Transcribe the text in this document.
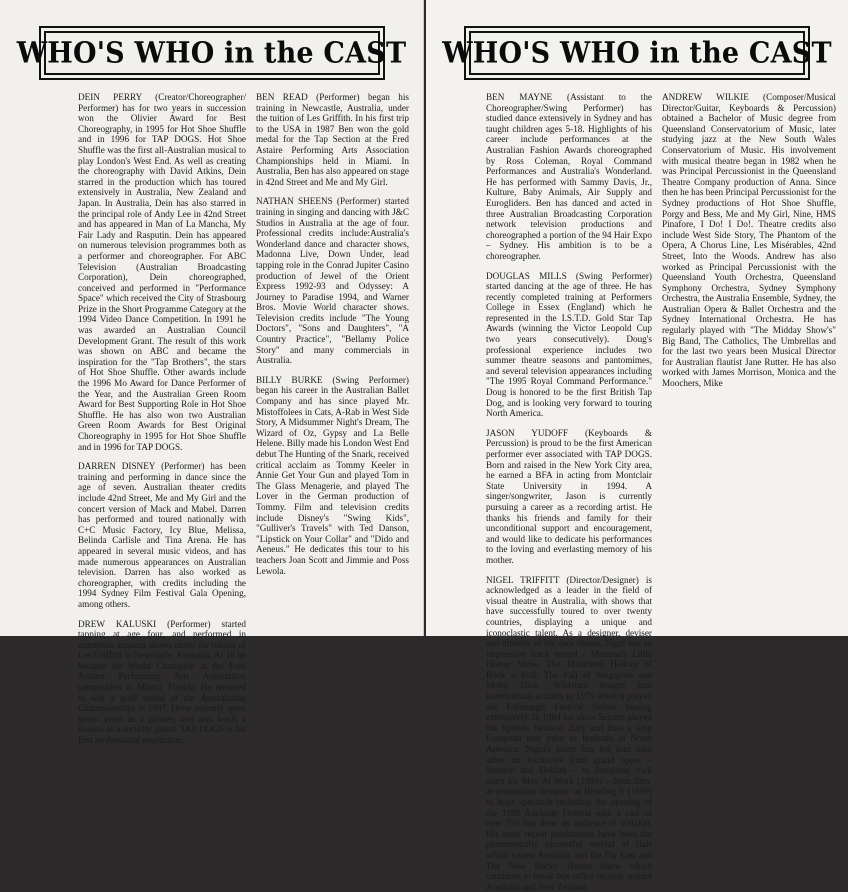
WHO'S WHO in the CAST
DEIN PERRY (Creator/Choreographer/ Performer) has for two years in succession won the Olivier Award for Best Choreography, in 1995 for Hot Shoe Shuffle and in 1996 for TAP DOGS. Hot Shoe Shuffle was the first all-Australian musical to play London's West End. As well as creating the choreography with David Atkins, Dein starred in the production which has toured extensively in Australia, New Zealand and Japan. In Australia, Dein has also starred in the principal role of Andy Lee in 42nd Street and has appeared in Man of La Mancha, My Fair Lady and Rasputin. Dein has appeared on numerous television programmes both as a performer and choreographer. For ABC Television (Australian Broadcasting Corporation), Dein choreographed, conceived and performed in "Performance Space" which received the City of Strasbourg Prize in the Short Programme Category at the 1994 Video Dance Competition. In 1991 he was awarded an Australian Council Development Grant. The result of this work was shown on ABC and became the inspiration for the "Tap Brothers", the stars of Hot Shoe Shuffle. Other awards include the 1996 Mo Award for Dance Performer of the Year, and the Australian Green Room Award for Best Supporting Role in Hot Shoe Shuffle. He has also won two Australian Green Room Awards for Best Original Choreography in 1995 for Hot Shoe Shuffle and in 1996 for TAP DOGS.
DARREN DISNEY (Performer) has been training and performing in dance since the age of seven. Australian theater credits include 42nd Street, Me and My Girl and the concert version of Mack and Mabel. Darren has performed and toured nationally with C+C Music Factory, Icy Blue, Melissa, Belinda Carlisle and Tina Arena. He has appeared in several music videos, and has made numerous appearances on Australian television. Darren has also worked as choreographer, with credits including the 1994 Sydney Film Festival Gala Opening, among others.
DREW KALUSKI (Performer) started tapping at age four, and performed in numerous amateur shows under the tuition of Les Griffith in Newcastle, Australia. At 16 he became the World Champion at the Fred Astaire Performing Arts Association competition in Miami, Florida. He returned to win a gold medal at the Australasian Championships in 1987. Drew recently spent seven years as a painter, and also holds a license as a security guard. TAP DOGS is his first professional production.
BEN READ (Performer) began his training in Newcastle, Australia, under the tuition of Les Griffith. In his first trip to the USA in 1987 Ben won the gold medal for the Tap Section at the Fred Astaire Performing Arts Association Championships held in Miami. In Australia, Ben has also appeared on stage in 42nd Street and Me and My Girl.
NATHAN SHEENS (Performer) started training in singing and dancing with J&C Studios in Australia at the age of four. Professional credits include:Australia's Wonderland dance and character shows, Madonna Live, Down Under, lead tapping role in the Conrad Jupiter Casino production of Jewel of the Orient Express 1992-93 and Odyssey: A Journey to Paradise 1994, and Warner Bros. Movie World character shows. Television credits include "The Young Doctors", "Sons and Daughters", "A Country Practice", "Bellamy Police Story" and many commercials in Australia.
BILLY BURKE (Swing Performer) began his career in the Australian Ballet Company and has since played Mr. Mistoffolees in Cats, A-Rab in West Side Story, A Midsummer Night's Dream, The Wizard of Oz, Gypsy and La Belle Helene. Billy made his London West End debut The Hunting of the Snark, received critical acclaim as Tommy Keeler in Annie Get Your Gun and played Tom in The Glass Menagerie, and played The Lover in the German production of Tommy. Film and television credits include Disney's "Swing Kids", "Gulliver's Travels" with Ted Danson, "Lipstick on Your Collar" and "Dido and Aeneus." He dedicates this tour to his teachers Joan Scott and Jimmie and Poss Lewola.
WHO'S WHO in the CAST
BEN MAYNE (Assistant to the Choreographer/Swing Performer) has studied dance extensively in Sydney and has taught children ages 5-18. Highlights of his career include performances at the Australian Fashion Awards choreographed by Ross Coleman, Royal Command Performances and Australia's Wonderland. He has performed with Sammy Davis, Jr., Kulture, Baby Animals, Air Supply and Eurogliders. Ben has danced and acted in three Australian Broadcasting Corporation network television productions and choreographed a portion of the 94 Hair Expo – Sydney. His ambition is to be a choreographer.
DOUGLAS MILLS (Swing Performer) started dancing at the age of three. He has recently completed training at Performers College in Essex (England) which he represented in the I.S.T.D. Gold Star Tap Awards (winning the Victor Leopold Cup two years consecutively). Doug's professional experience includes two summer theatre seasons and pantomimes, and several television appearances including "The 1995 Royal Command Performance." Doug is honored to be the first British Tap Dog, and is looking very forward to touring North America.
JASON YUDOFF (Keyboards & Percussion) is proud to be the first American performer ever associated with TAP DOGS. Born and raised in the New York City area, he earned a BFA in acting from Montclair State University in 1994. A singer/songwriter, Jason is currently pursuing a career as a recording artist. He thanks his friends and family for their unconditional support and encouragement, and would like to dedicate his performances to the loving and everlasting memory of his mother.
NIGEL TRIFFITT (Director/Designer) is acknowledged as a leader in the field of visual theatre in Australia, with shows that have successfully toured to over twenty countries, displaying a unique and iconoclastic talent. As a designer, deviser and director of his own shows, Nigel has an impressive track record - Momma's Little Horror Show, The Illustrated History of Rock n Roll, The Fall of Singapore and Moby Dick. Wildstars bought him international acclaim in 1979 when it played the Edinburgh Festival before touring extensively. In 1984 his show Secrets played the Spoleto Festival, Italy and then a long European tour prior to festivals in North America. Nigel's talent has led him onto other art territories from grand opera – Samson and Delilah – to designing rock tours for Men At Work (1984) – from film, as production designer on Howling V (1990) to huge spectacle including the opening of the 1988 Adelaide Festival with a cast of over 750 that drew an audience of 100,000. His most recent productions have been the phenomenally successful revival of Hair which toured Australia and the Far East and The New Rocky Horror Show which continues to break box office records around Australia and New Zealand.
ANDREW WILKIE (Composer/Musical Director/Guitar, Keyboards & Percussion) obtained a Bachelor of Music degree from Queensland Conservatorium of Music, later studying jazz at the New South Wales Conservatorium of Music. His involvement with musical theatre began in 1982 when he was Principal Percussionist in the Queensland Theatre Company production of Anna. Since then he has been Principal Percussionist for the Sydney productions of Hot Shoe Shuffle, Porgy and Bess, Me and My Girl, Nine, HMS Pinafore, I Do! I Do!. Theatre credits also include West Side Story, The Phantom of the Opera, A Chorus Line, Les Misérables, 42nd Street, Into the Woods. Andrew has also worked as Principal Percussionist with the Queensland Youth Orchestra, Queensland Symphony Orchestra, Sydney Symphony Orchestra, the Australia Ensemble, Sydney, the Australian Opera & Ballet Orchestra and the Sydney International Orchestra. He has regularly played with "The Midday Show's" Big Band, The Catholics, The Umbrellas and for the last two years been Musical Director for Australian flautist Jane Rutter. He has also worked with James Morrison, Monica and the Moochers, Mike
